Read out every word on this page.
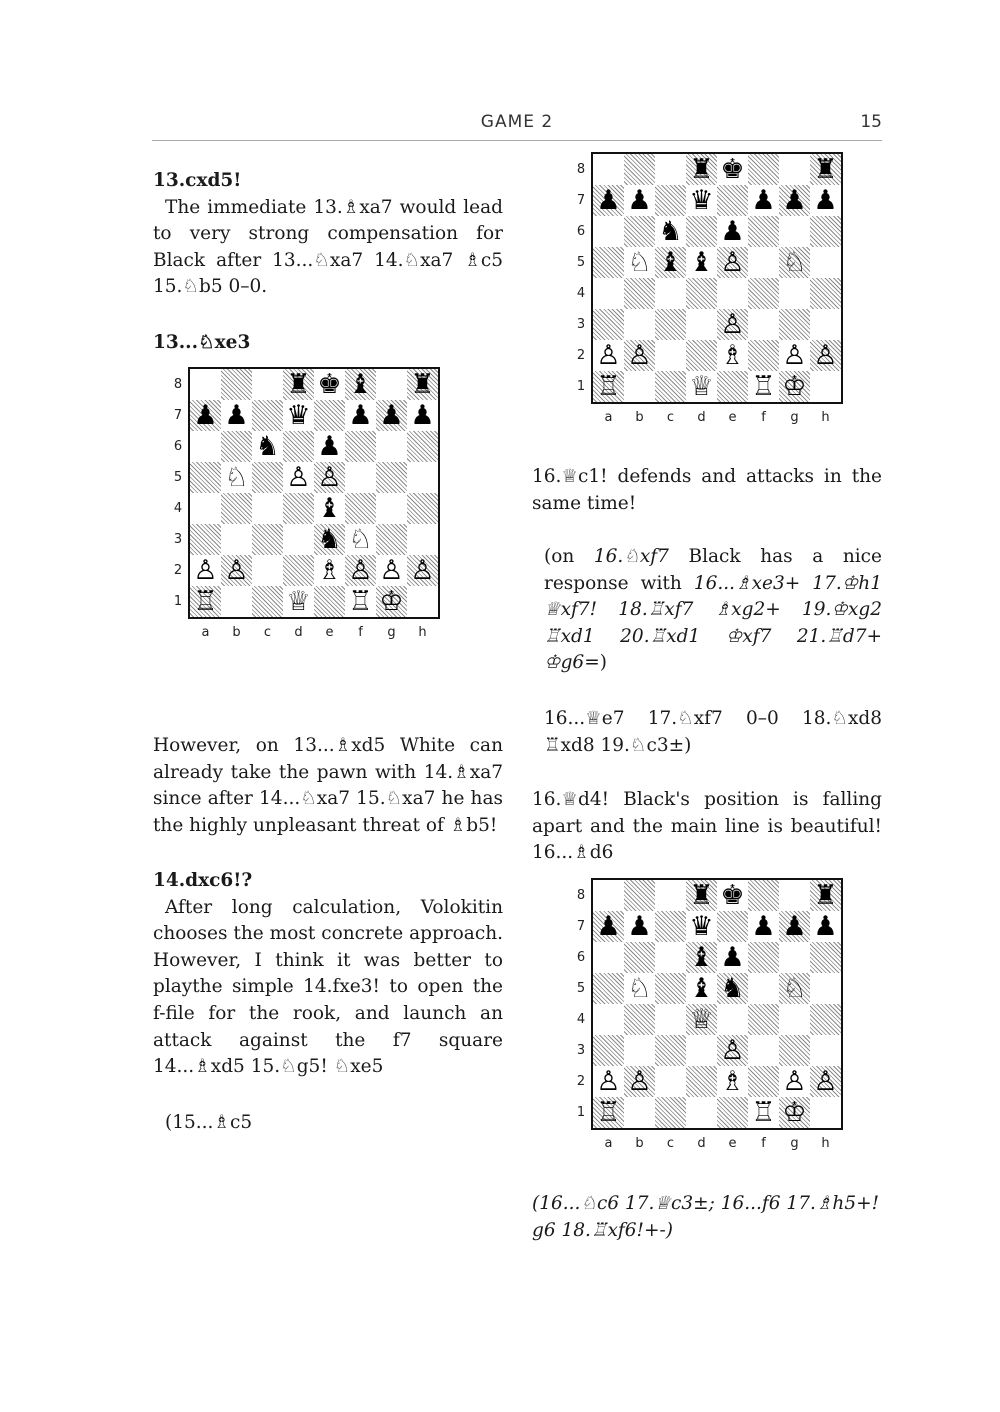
GAME 2	15
13.cxd5!
The immediate 13.♗xa7 would lead to very strong compensation for Black after 13...♘xa7 14.♘xa7 ♗c5 15.♘b5 0–0.
13...♘xe3
However, on 13...♗xd5 White can already take the pawn with 14.♗xa7 since after 14...♘xa7 15.♘xa7 he has the highly unpleasant threat of ♗b5!
14.dxc6!?
After long calculation, Volokitin chooses the most concrete approach. However, I think it was better to playthe simple 14.fxe3! to open the f-file for the rook, and launch an attack against the f7 square 14...♗xd5 15.♘g5! ♘xe5
(15...♗c5
16.♕c1! defends and attacks in the same time!
(on 16.♘xf7 Black has a nice response with 16...♗xe3+ 17.♔h1 ♕xf7! 18.♖xf7 ♗xg2+ 19.♔xg2 ♖xd1 20.♖xd1 ♔xf7 21.♖d7+ ♔g6=)
16...♕e7 17.♘xf7 0–0 18.♘xd8 ♖xd8 19.♘c3±)
16.♕d4! Black's position is falling apart and the main line is beautiful! 16...♗d6
(16...♘c6 17.♕c3±; 16...f6 17.♗h5+! g6 18.♖xf6!+-)
♜ ♚ ♝ ♜
8
♟ ♟ ♛ ♟ ♟ ♟
7
♞ ♟
6
♘ ♙ ♙
5
♝
4
♞ ♘
3
♙ ♙	♗ ♙ ♙ ♙
2
♖	♕ ♖ ♔
1
a	b	c	d	e	f	g	h
♜ ♚	♜
8
♟ ♟ ♛ ♟ ♟ ♟
7
♞ ♟
6
♘ ♝ ♝ ♙ ♘
5
4
♙
3
♙ ♙	♗ ♙ ♙
2
♖	♕ ♖ ♔
1
a	b	c	d	e	f	g	h
♜ ♚	♜
8
♟ ♟ ♛ ♟ ♟ ♟
7
♝ ♟
6
♘ ♝ ♞ ♘
5
♕
4
♙
3
♙ ♙	♗ ♙ ♙
2
♖	♖ ♔
1
a	b	c	d	e	f	g	h
